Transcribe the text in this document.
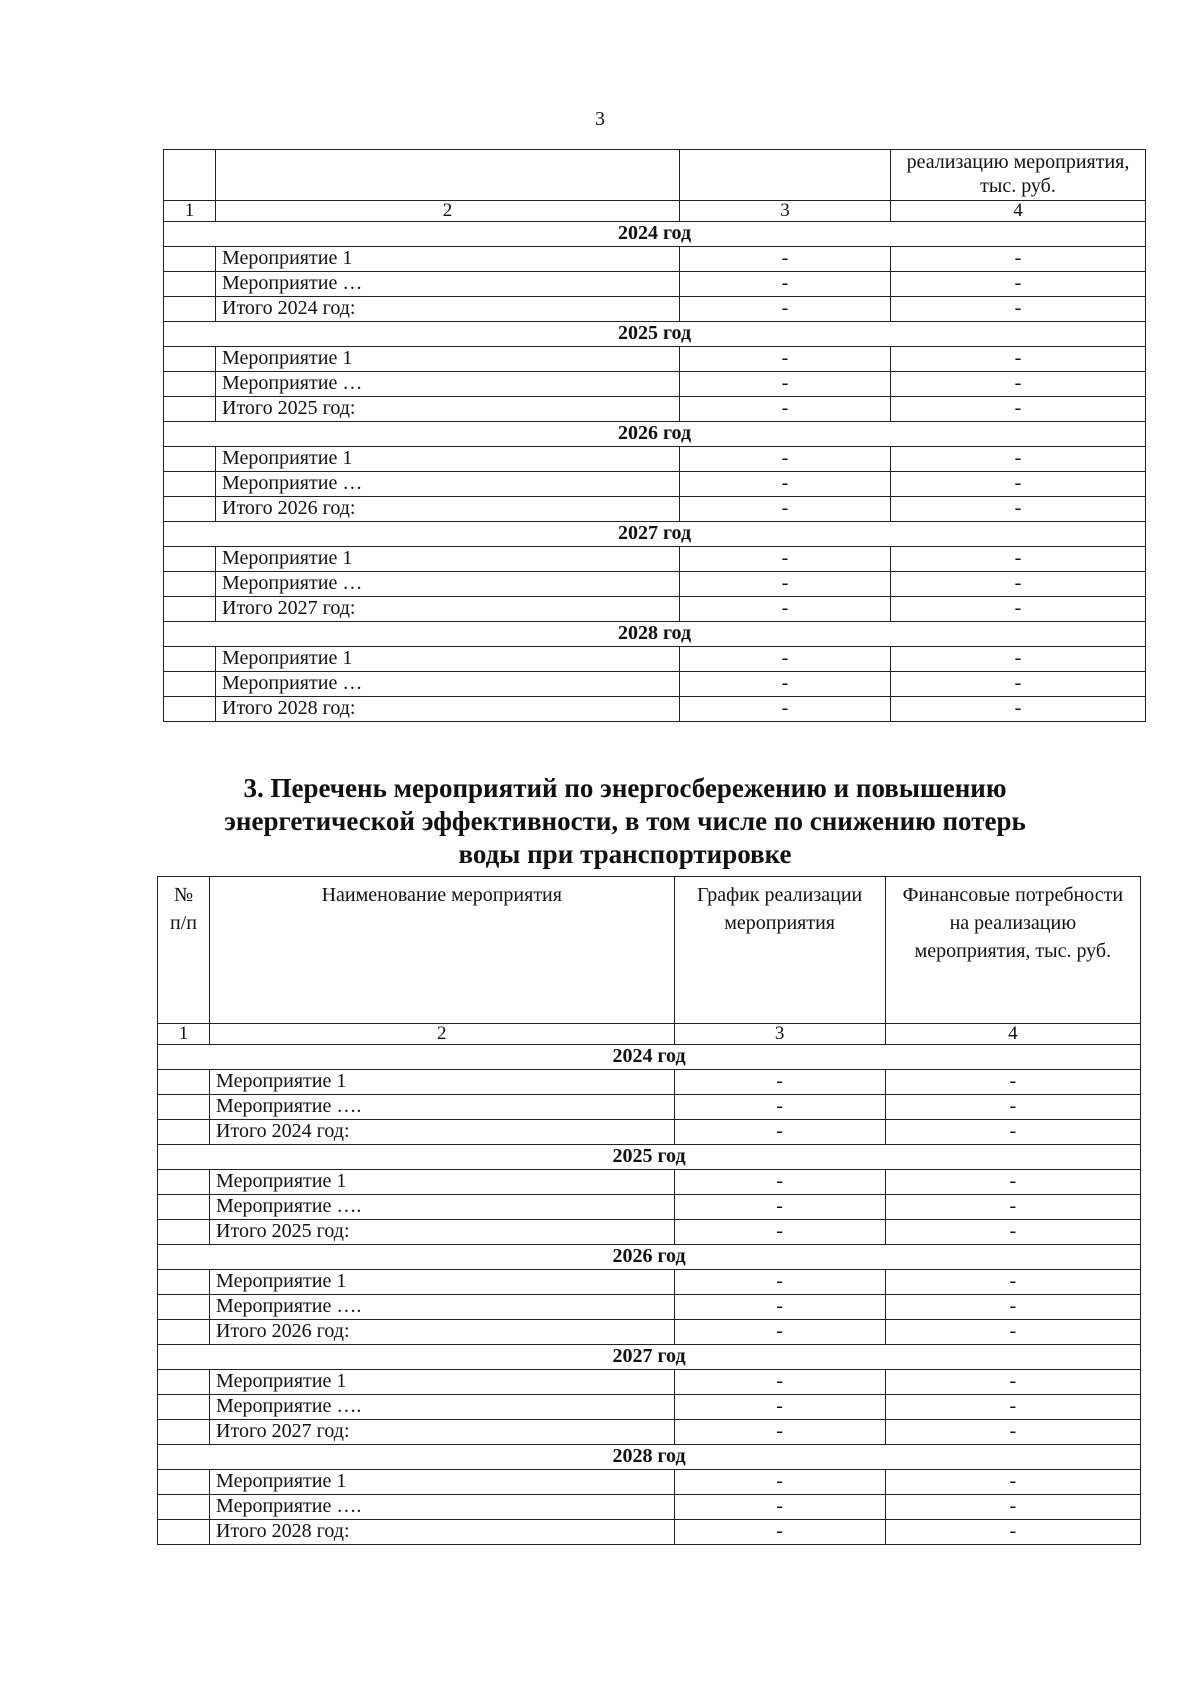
3
			реализацию мероприятия, тыс. руб.
1	2	3	4
2024 год			
	Мероприятие 1	-	-
	Мероприятие …	-	-
	Итого 2024 год:	-	-
2025 год			
	Мероприятие 1	-	-
	Мероприятие …	-	-
	Итого 2025 год:	-	-
2026 год			
	Мероприятие 1	-	-
	Мероприятие …	-	-
	Итого 2026 год:	-	-
2027 год			
	Мероприятие 1	-	-
	Мероприятие …	-	-
	Итого 2027 год:	-	-
2028 год			
	Мероприятие 1	-	-
	Мероприятие …	-	-
	Итого 2028 год:	-	-
3. Перечень мероприятий по энергосбережению и повышению энергетической эффективности, в том числе по снижению потерь воды при транспортировке
№ п/п	Наименование мероприятия	График реализации мероприятия	Финансовые потребности на реализацию мероприятия, тыс. руб.
1	2	3	4
2024 год			
	Мероприятие 1	-	-
	Мероприятие ….	-	-
	Итого 2024 год:	-	-
2025 год			
	Мероприятие 1	-	-
	Мероприятие ….	-	-
	Итого 2025 год:	-	-
2026 год			
	Мероприятие 1	-	-
	Мероприятие ….	-	-
	Итого 2026 год:	-	-
2027 год			
	Мероприятие 1	-	-
	Мероприятие ….	-	-
	Итого 2027 год:	-	-
2028 год			
	Мероприятие 1	-	-
	Мероприятие ….	-	-
	Итого 2028 год:	-	-
